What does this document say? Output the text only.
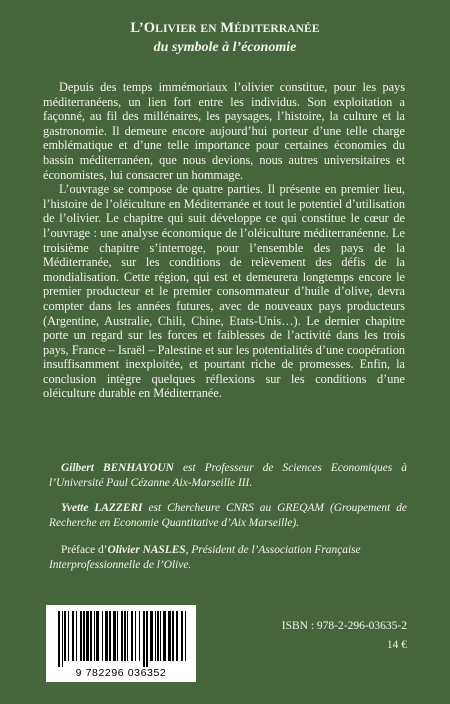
L’OLIVIER EN MÉDITERRANÉE
du symbole à l’économie

Depuis des temps immémoriaux l’olivier constitue, pour les pays méditerranéens, un lien fort entre les individus. Son exploitation a façonné, au fil des millénaires, les paysages, l’histoire, la culture et la gastronomie. Il demeure encore aujourd’hui porteur d’une telle charge emblématique et d’une telle importance pour certaines économies du bassin méditerranéen, que nous devions, nous autres universitaires et économistes, lui consacrer un hommage.

L’ouvrage se compose de quatre parties. Il présente en premier lieu, l’histoire de l’oléiculture en Méditerranée et tout le potentiel d’utilisation de l’olivier. Le chapitre qui suit développe ce qui constitue le cœur de l’ouvrage : une analyse économique de l’oléiculture méditerranéenne. Le troisième chapitre s’interroge, pour l’ensemble des pays de la Méditerranée, sur les conditions de relèvement des défis de la mondialisation. Cette région, qui est et demeurera longtemps encore le premier producteur et le premier consommateur d’huile d’olive, devra compter dans les années futures, avec de nouveaux pays producteurs (Argentine, Australie, Chili, Chine, Etats-Unis…). Le dernier chapitre porte un regard sur les forces et faiblesses de l’activité dans les trois pays, France – Israël – Palestine et sur les potentialités d’une coopération insuffisamment inexploitée, et pourtant riche de promesses. Enfin, la conclusion intègre quelques réflexions sur les conditions d’une oléiculture durable en Méditerranée.

Gilbert BENHAYOUN est Professeur de Sciences Economiques à l’Université Paul Cézanne Aix-Marseille III.

Yvette LAZZERI est Chercheure CNRS au GREQAM (Groupement de Recherche en Economie Quantitative d’Aix Marseille).

Préface d’Olivier NASLES, Président de l’Association Française Interprofessionnelle de l’Olive.

9 782296 036352
ISBN : 978-2-296-03635-2
14 €
